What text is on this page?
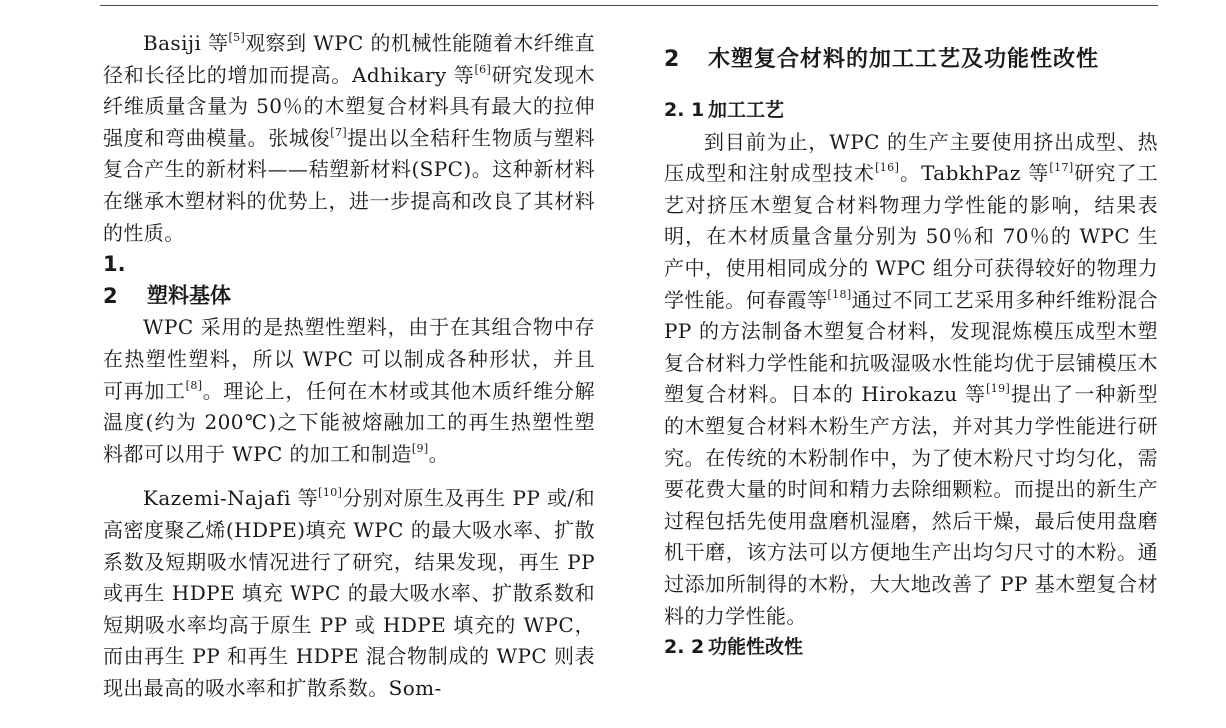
Basiji 等[5]观察到 WPC 的机械性能随着木纤维直径和长径比的增加而提高。Adhikary 等[6]研究发现木纤维质量含量为 50％的木塑复合材料具有最大的拉伸强度和弯曲模量。张城俊[7]提出以全秸秆生物质与塑料复合产生的新材料——秸塑新材料(SPC)。这种新材料在继承木塑材料的优势上，进一步提高和改良了其材料的性质。

1. 2 塑料基体

WPC 采用的是热塑性塑料，由于在其组合物中存在热塑性塑料，所以 WPC 可以制成各种形状，并且可再加工[8]。理论上，任何在木材或其他木质纤维分解温度(约为 200℃)之下能被熔融加工的再生热塑性塑料都可以用于 WPC 的加工和制造[9]。

Kazemi-Najafi 等[10]分别对原生及再生 PP 或/和高密度聚乙烯(HDPE)填充 WPC 的最大吸水率、扩散系数及短期吸水情况进行了研究，结果发现，再生 PP 或再生 HDPE 填充 WPC 的最大吸水率、扩散系数和短期吸水率均高于原生 PP 或 HDPE 填充的 WPC，而由再生 PP 和再生 HDPE 混合物制成的 WPC 则表现出最高的吸水率和扩散系数。Som-

2 木塑复合材料的加工工艺及功能性改性
2. 1 加工工艺

到目前为止，WPC 的生产主要使用挤出成型、热压成型和注射成型技术[16]。TabkhPaz 等[17]研究了工艺对挤压木塑复合材料物理力学性能的影响，结果表明，在木材质量含量分别为 50％和 70％的 WPC 生产中，使用相同成分的 WPC 组分可获得较好的物理力学性能。何春霞等[18]通过不同工艺采用多种纤维粉混合 PP 的方法制备木塑复合材料，发现混炼模压成型木塑复合材料力学性能和抗吸湿吸水性能均优于层铺模压木塑复合材料。日本的 Hirokazu 等[19]提出了一种新型的木塑复合材料木粉生产方法，并对其力学性能进行研究。在传统的木粉制作中，为了使木粉尺寸均匀化，需要花费大量的时间和精力去除细颗粒。而提出的新生产过程包括先使用盘磨机湿磨，然后干燥，最后使用盘磨机干磨，该方法可以方便地生产出均匀尺寸的木粉。通过添加所制得的木粉，大大地改善了 PP 基木塑复合材料的力学性能。

2. 2 功能性改性
